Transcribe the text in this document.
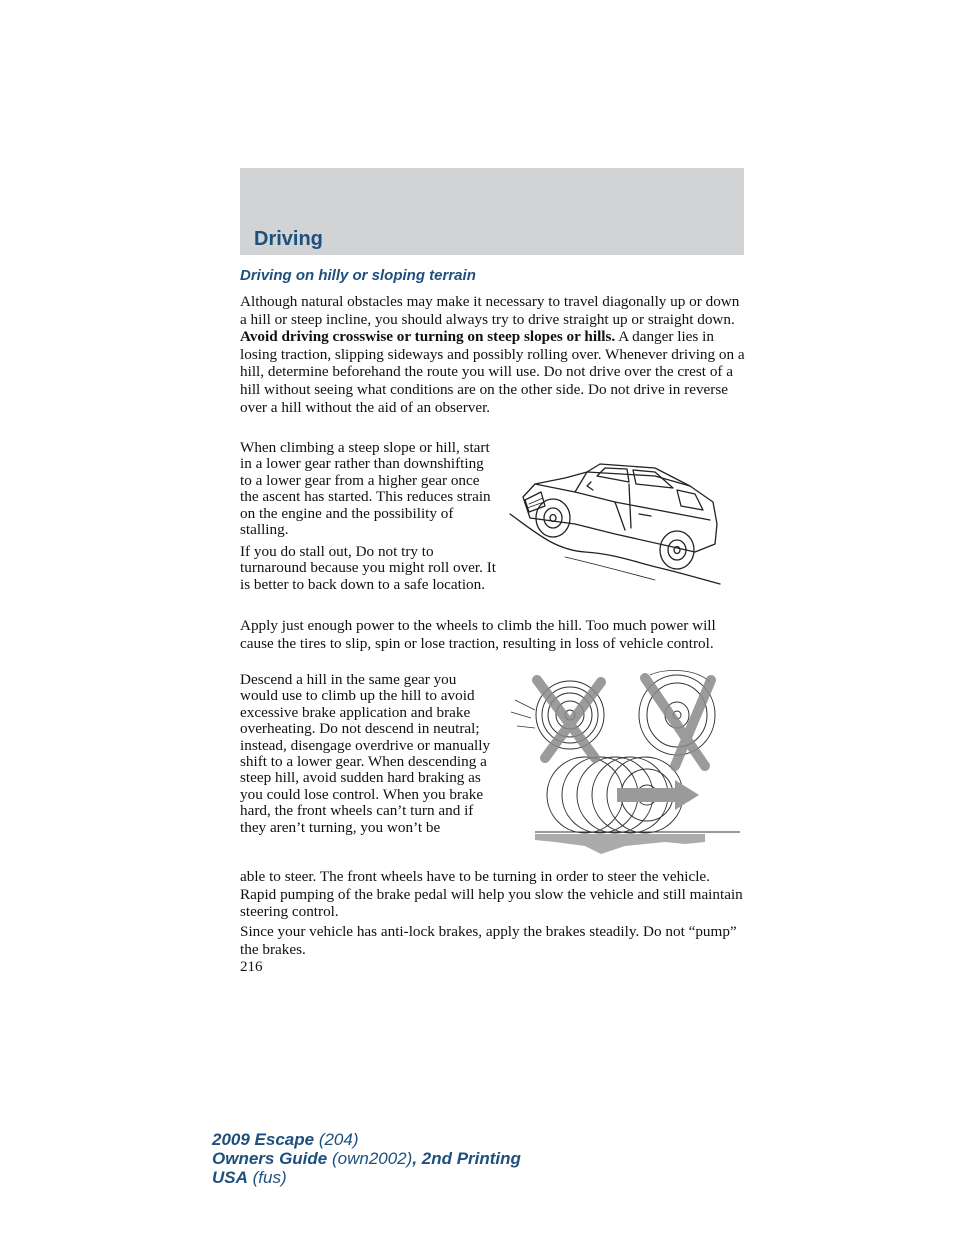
Driving
Driving on hilly or sloping terrain

Although natural obstacles may make it necessary to travel diagonally up or down a hill or steep incline, you should always try to drive straight up or straight down. Avoid driving crosswise or turning on steep slopes or hills. A danger lies in losing traction, slipping sideways and possibly rolling over. Whenever driving on a hill, determine beforehand the route you will use. Do not drive over the crest of a hill without seeing what conditions are on the other side. Do not drive in reverse over a hill without the aid of an observer.

When climbing a steep slope or hill, start in a lower gear rather than downshifting to a lower gear from a higher gear once the ascent has started. This reduces strain on the engine and the possibility of stalling.

If you do stall out, Do not try to turnaround because you might roll over. It is better to back down to a safe location.

Apply just enough power to the wheels to climb the hill. Too much power will cause the tires to slip, spin or lose traction, resulting in loss of vehicle control.

Descend a hill in the same gear you would use to climb up the hill to avoid excessive brake application and brake overheating. Do not descend in neutral; instead, disengage overdrive or manually shift to a lower gear. When descending a steep hill, avoid sudden hard braking as you could lose control. When you brake hard, the front wheels can’t turn and if they aren’t turning, you won’t be

able to steer. The front wheels have to be turning in order to steer the vehicle. Rapid pumping of the brake pedal will help you slow the vehicle and still maintain steering control.

Since your vehicle has anti-lock brakes, apply the brakes steadily. Do not “pump” the brakes.

216
2009 Escape (204)
Owners Guide (own2002), 2nd Printing
USA (fus)
